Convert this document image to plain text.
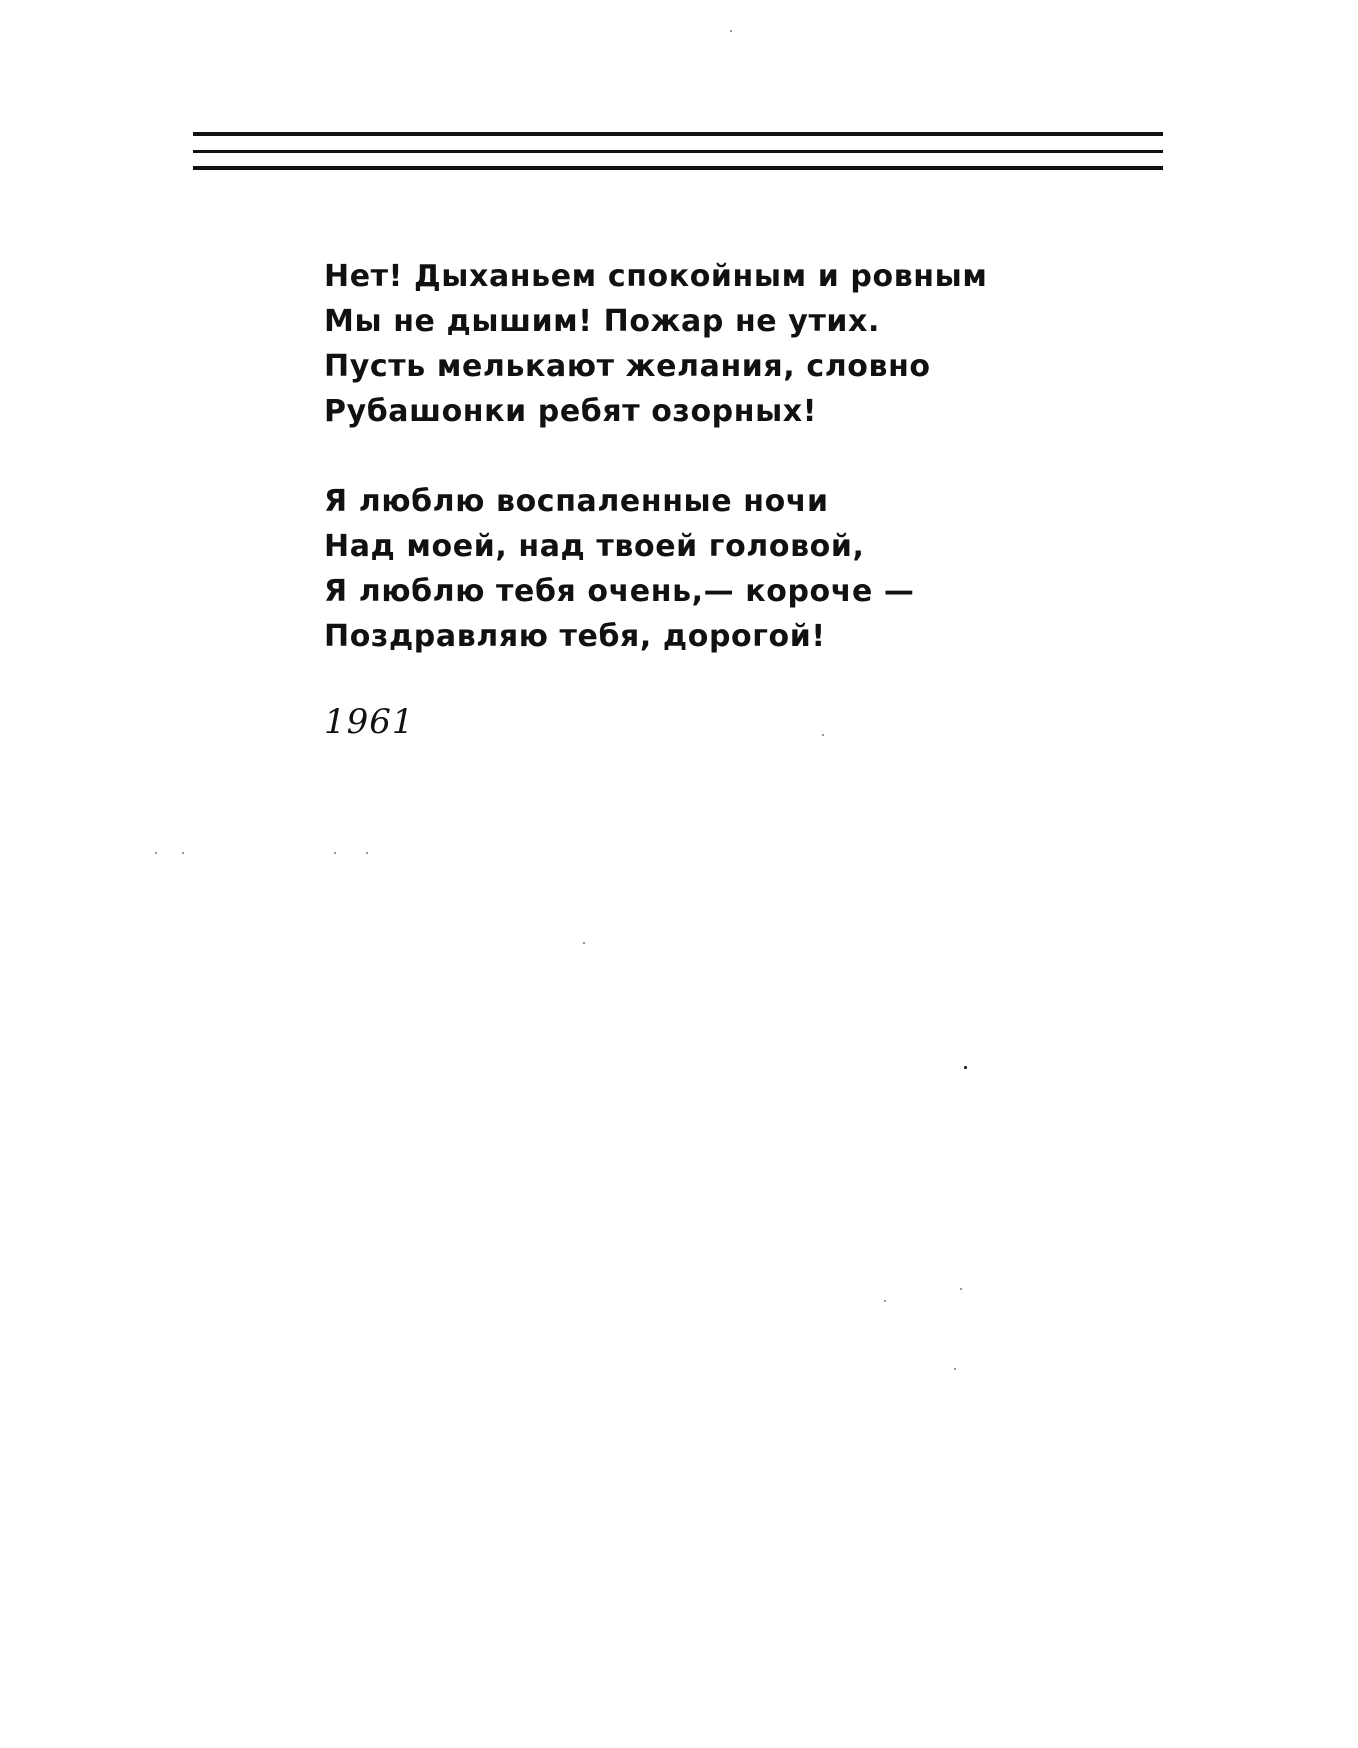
Нет! Дыханьем спокойным и ровным
Мы не дышим! Пожар не утих.
Пусть мелькают желания, словно
Рубашонки ребят озорных!
Я люблю воспаленные ночи
Над моей, над твоей головой,
Я люблю тебя очень,— короче —
Поздравляю тебя, дорогой!
1961
